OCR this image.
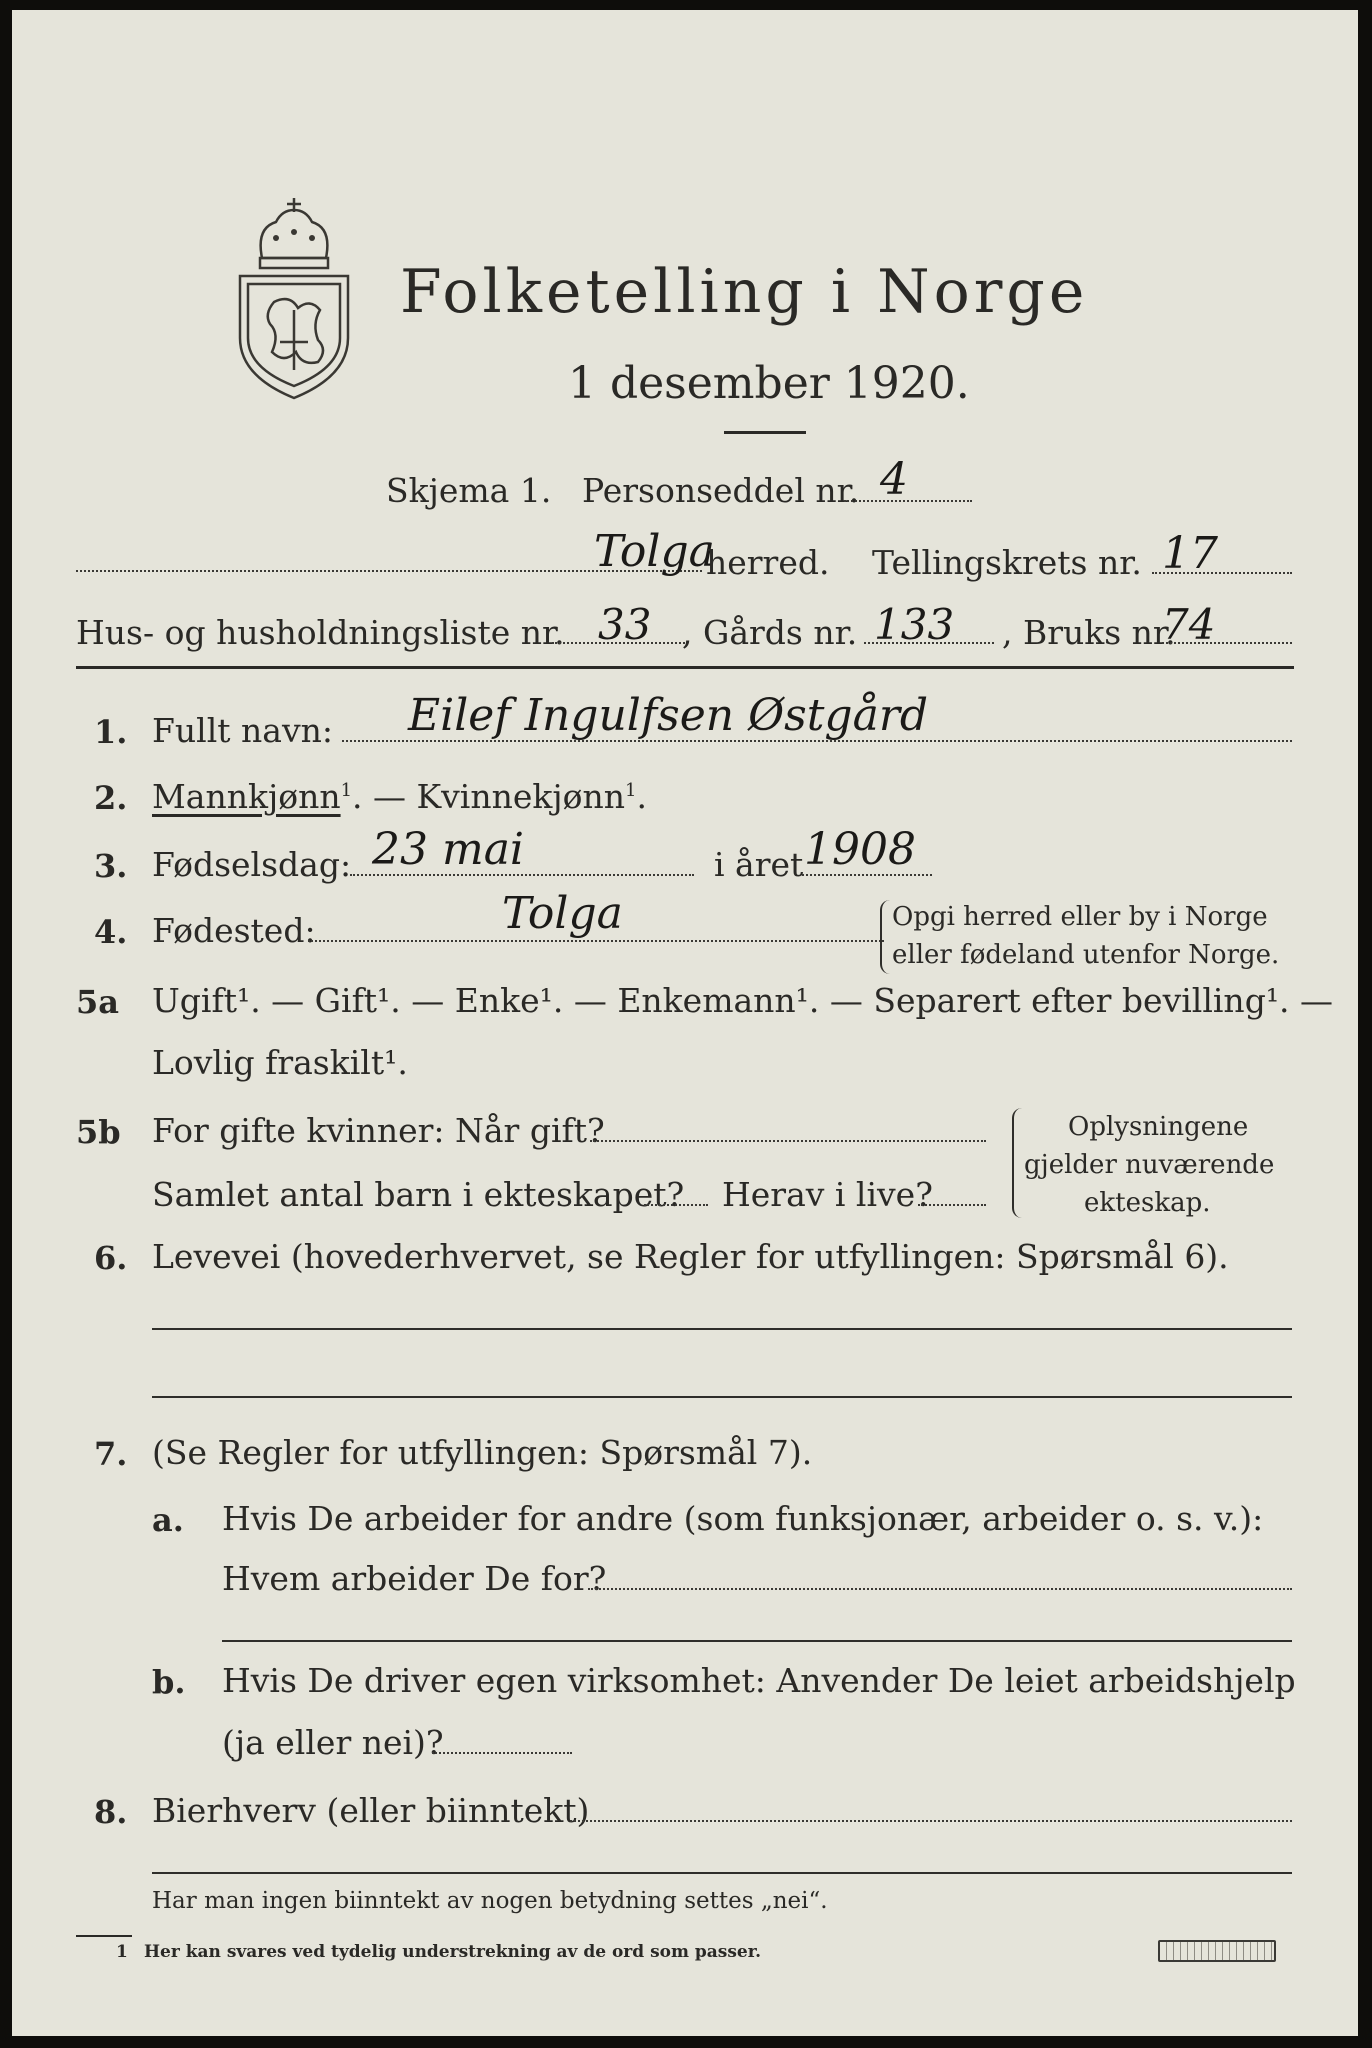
Folketelling i Norge
1 desember 1920.
Skjema 1. Personseddel nr. 4
Tolga
herred. Tellingskrets nr. 17
Hus- og husholdningsliste nr. 33 , Gårds nr. 133 , Bruks nr.
74
1. Fullt navn: Eilef Ingulfsen Østgård
2. Mannkjønn$^1$. — Kvinnekjønn$^1$.
3. Fødselsdag: 23 mai	i året 1908
4. Fødested:	Tolga	Opgi herred eller by i Norge
eller fødeland utenfor Norge.
5a Ugift¹. — Gift¹. — Enke¹. — Enkemann¹. — Separert efter bevilling¹. —
Lovlig fraskilt¹.
5b For gifte kvinner: Når gift?
Samlet antal barn i ekteskapet? Herav i live?
Oplysningene
gjelder nuværende
ekteskap.
6. Levevei (hovederhvervet, se Regler for utfyllingen: Spørsmål 6).
7. (Se Regler for utfyllingen: Spørsmål 7).
a. Hvis De arbeider for andre (som funksjonær, arbeider o. s. v.):
Hvem arbeider De for?
b. Hvis De driver egen virksomhet: Anvender De leiet arbeidshjelp
(ja eller nei)?
8. Bierhverv (eller biinntekt)
Har man ingen biinntekt av nogen betydning settes „nei“.
1 Her kan svares ved tydelig understrekning av de ord som passer.
